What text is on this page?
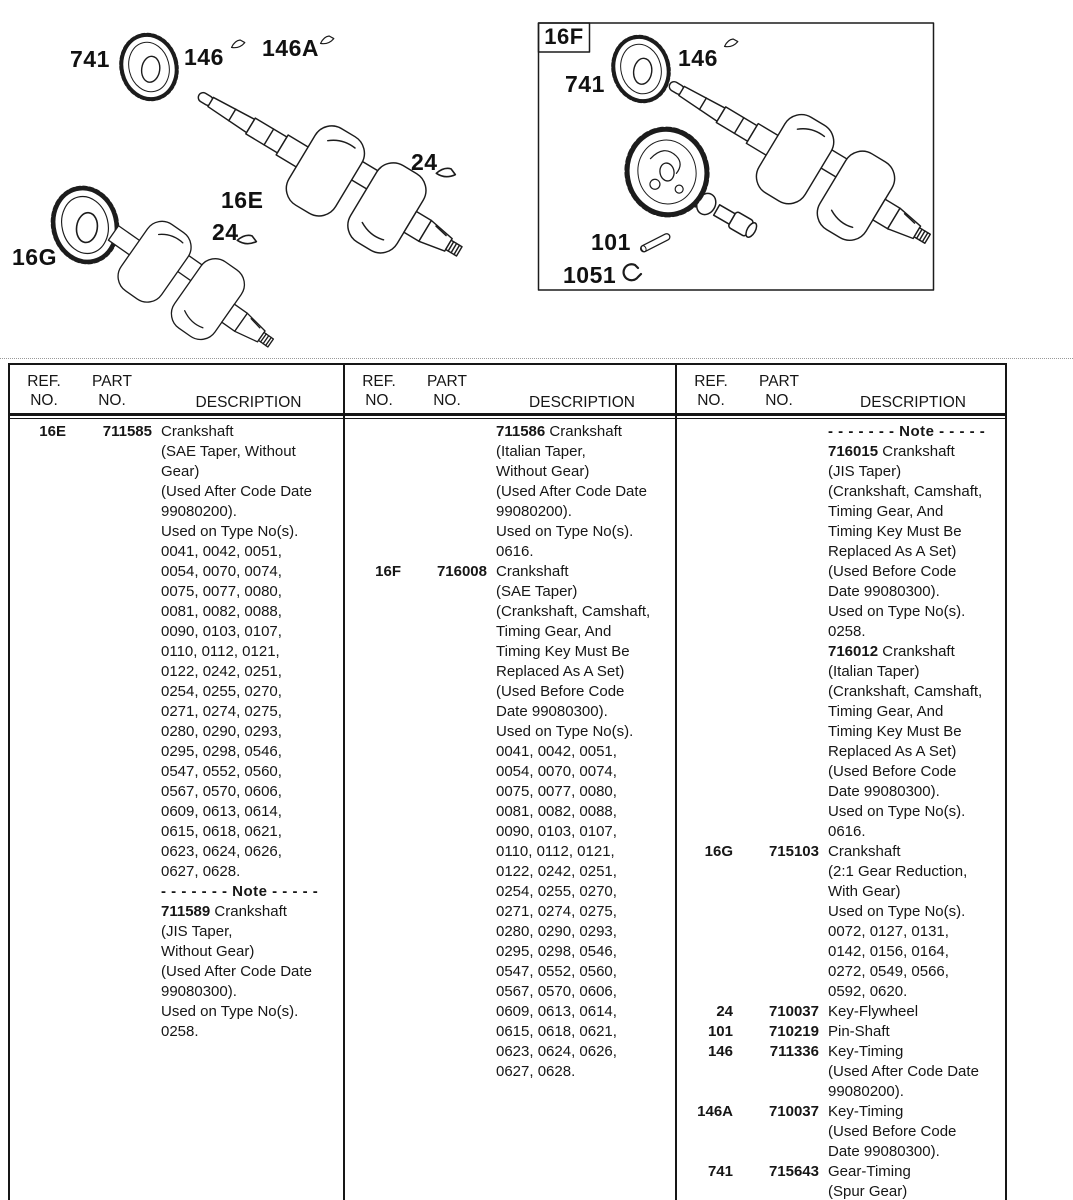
741	146 146A
24
16E
24
16G
16F
741
146
101
1051
REF.
NO.
PART
NO.	DESCRIPTION
16E	711585 Crankshaft
(SAE Taper, Without
Gear)
(Used After Code Date
99080200).
Used on Type No(s).
0041, 0042, 0051,
0054, 0070, 0074,
0075, 0077, 0080,
0081, 0082, 0088,
0090, 0103, 0107,
0110, 0112, 0121,
0122, 0242, 0251,
0254, 0255, 0270,
0271, 0274, 0275,
0280, 0290, 0293,
0295, 0298, 0546,
0547, 0552, 0560,
0567, 0570, 0606,
0609, 0613, 0614,
0615, 0618, 0621,
0623, 0624, 0626,
0627, 0628.
- - - - - - - Note - - - - -
711589 Crankshaft
(JIS Taper,
Without Gear)
(Used After Code Date
99080300).
Used on Type No(s).
0258.
REF.
NO.
PART
NO.	DESCRIPTION
711586 Crankshaft
(Italian Taper,
Without Gear)
(Used After Code Date
99080200).
Used on Type No(s).
0616.
16F	716008 Crankshaft
(SAE Taper)
(Crankshaft, Camshaft,
Timing Gear, And
Timing Key Must Be
Replaced As A Set)
(Used Before Code
Date 99080300).
Used on Type No(s).
0041, 0042, 0051,
0054, 0070, 0074,
0075, 0077, 0080,
0081, 0082, 0088,
0090, 0103, 0107,
0110, 0112, 0121,
0122, 0242, 0251,
0254, 0255, 0270,
0271, 0274, 0275,
0280, 0290, 0293,
0295, 0298, 0546,
0547, 0552, 0560,
0567, 0570, 0606,
0609, 0613, 0614,
0615, 0618, 0621,
0623, 0624, 0626,
0627, 0628.
REF.
NO.
PART
NO.	DESCRIPTION
- - - - - - - Note - - - - -
716015 Crankshaft
(JIS Taper)
(Crankshaft, Camshaft,
Timing Gear, And
Timing Key Must Be
Replaced As A Set)
(Used Before Code
Date 99080300).
Used on Type No(s).
0258.
716012 Crankshaft
(Italian Taper)
(Crankshaft, Camshaft,
Timing Gear, And
Timing Key Must Be
Replaced As A Set)
(Used Before Code
Date 99080300).
Used on Type No(s).
0616.
16G	715103 Crankshaft
(2:1 Gear Reduction,
With Gear)
Used on Type No(s).
0072, 0127, 0131,
0142, 0156, 0164,
0272, 0549, 0566,
0592, 0620.
24	710037 Key-Flywheel
101	710219 Pin-Shaft
146	711336 Key-Timing
(Used After Code Date
99080200).
146A	710037 Key-Timing
(Used Before Code
Date 99080300).
741	715643 Gear-Timing
(Spur Gear)
